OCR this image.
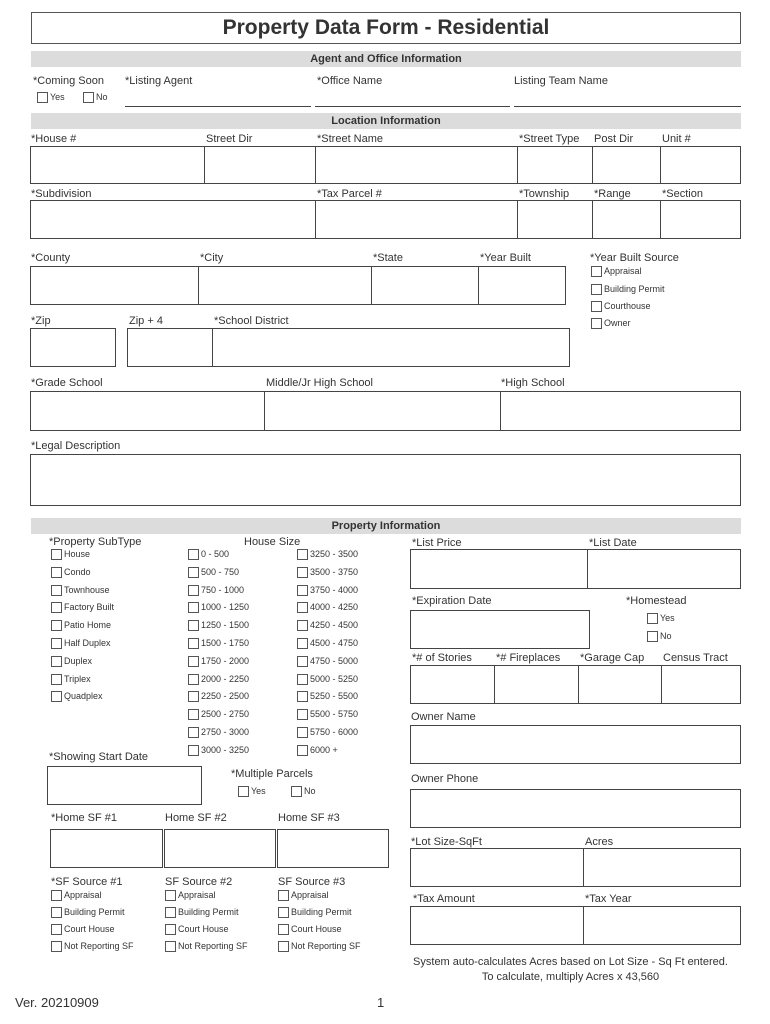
Property Data Form - Residential
Agent and Office Information
*Coming Soon
Yes	No
*Listing Agent	*Office Name	Listing Team Name
Location Information
*House #	Street Dir	*Street Name	*Street Type Post Dir	Unit #
*Subdivision	*Tax Parcel #	*Township *Range	*Section
*County	*City	*State	*Year Built	*Year Built Source
Appraisal
Building Permit
Courthouse
Owner
*Zip	Zip + 4	*School District
*Grade School	Middle/Jr High School	*High School
*Legal Description
Property Information
*Property SubType
House
Condo
Townhouse
Factory Built
Patio Home
Half Duplex
Duplex
Triplex
Quadplex
House Size
0 - 500
500 - 750
750 - 1000
1000 - 1250
1250 - 1500
1500 - 1750
1750 - 2000
2000 - 2250
2250 - 2500
2500 - 2750
2750 - 3000
3000 - 3250
3250 - 3500
3500 - 3750
3750 - 4000
4000 - 4250
4250 - 4500
4500 - 4750
4750 - 5000
5000 - 5250
5250 - 5500
5500 - 5750
5750 - 6000
6000 +
*Showing Start Date
*Multiple Parcels
Yes	No
*Home SF #1	Home SF #2	Home SF #3
*SF Source #1	SF Source #2	SF Source #3
Appraisal
Building Permit
Court House
Not Reporting SF
Appraisal
Building Permit
Court House
Not Reporting SF
Appraisal
Building Permit
Court House
Not Reporting SF
*List Price	*List Date
*Expiration Date	*Homestead
Yes
No
*# of Stories *# Fireplaces *Garage Cap Census Tract
Owner Name
Owner Phone
*Lot Size-SqFt	Acres
*Tax Amount	*Tax Year
System auto-calculates Acres based on Lot Size - Sq Ft entered.
To calculate, multiply Acres x 43,560
Ver. 20210909	1
